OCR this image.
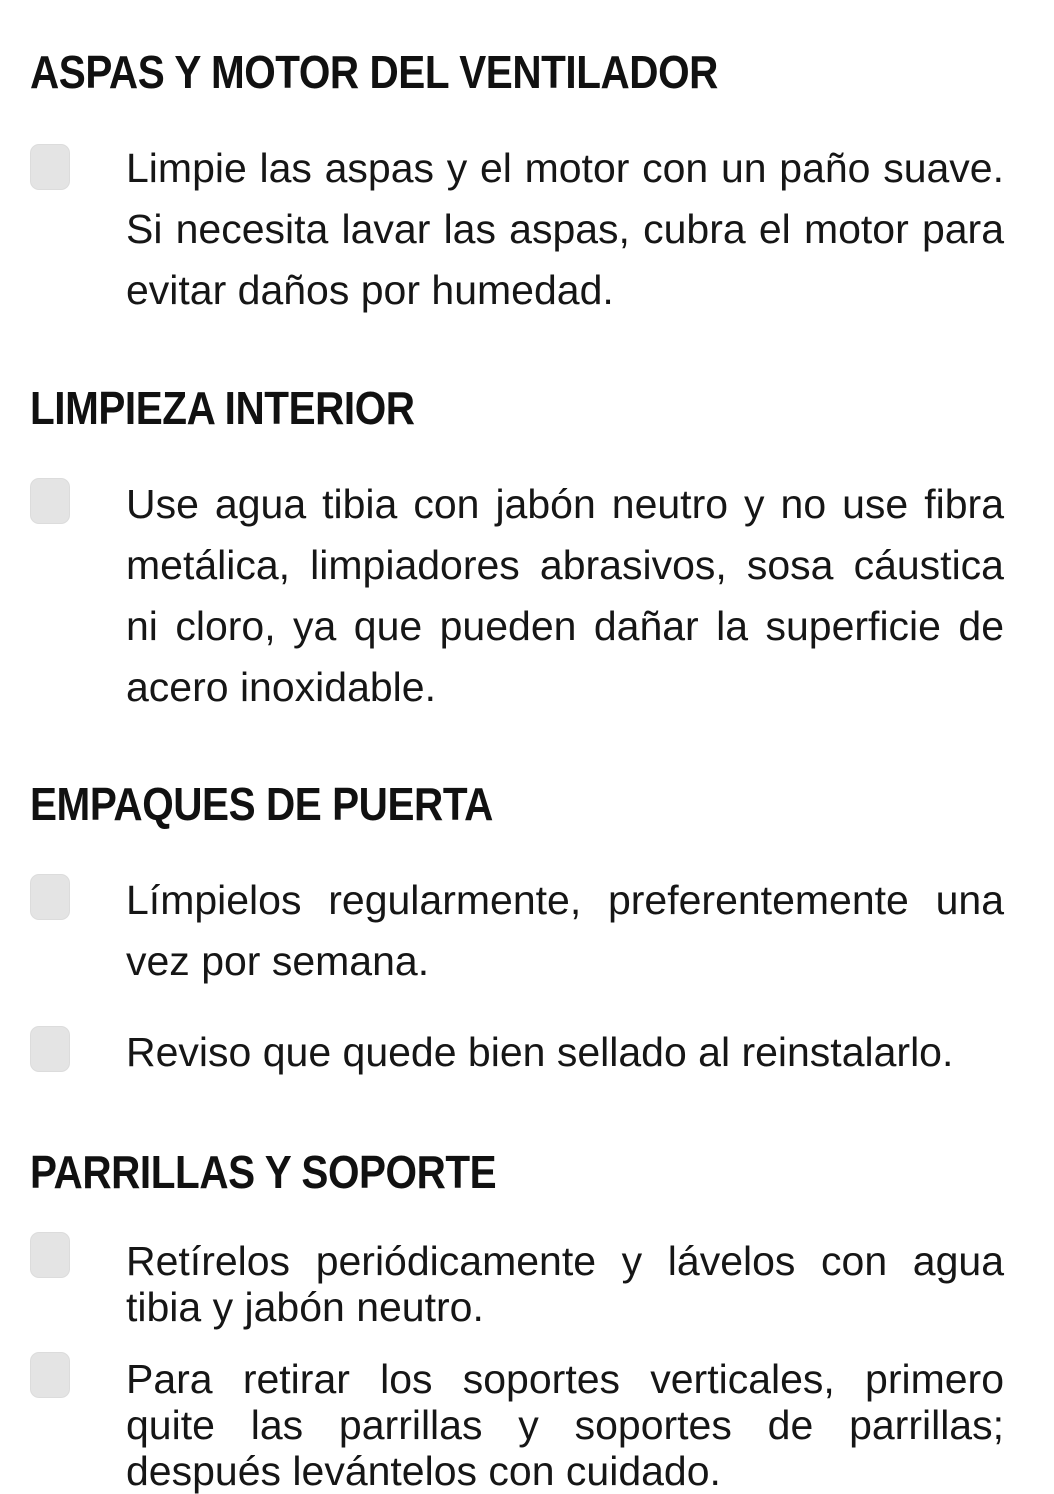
ASPAS Y MOTOR DEL VENTILADOR

Limpie las aspas y el motor con un paño suave. Si necesita lavar las aspas, cubra el motor para evitar daños por humedad.

LIMPIEZA INTERIOR

Use agua tibia con jabón neutro y no use fibra metálica, limpiadores abrasivos, sosa cáustica ni cloro, ya que pueden dañar la superficie de acero inoxidable.

EMPAQUES DE PUERTA

Límpielos regularmente, preferentemente una vez por semana.

Reviso que quede bien sellado al reinstalarlo.

PARRILLAS Y SOPORTE

Retírelos periódicamente y lávelos con agua tibia y jabón neutro.

Para retirar los soportes verticales, primero quite las parrillas y soportes de parrillas; después levántelos con cuidado.
